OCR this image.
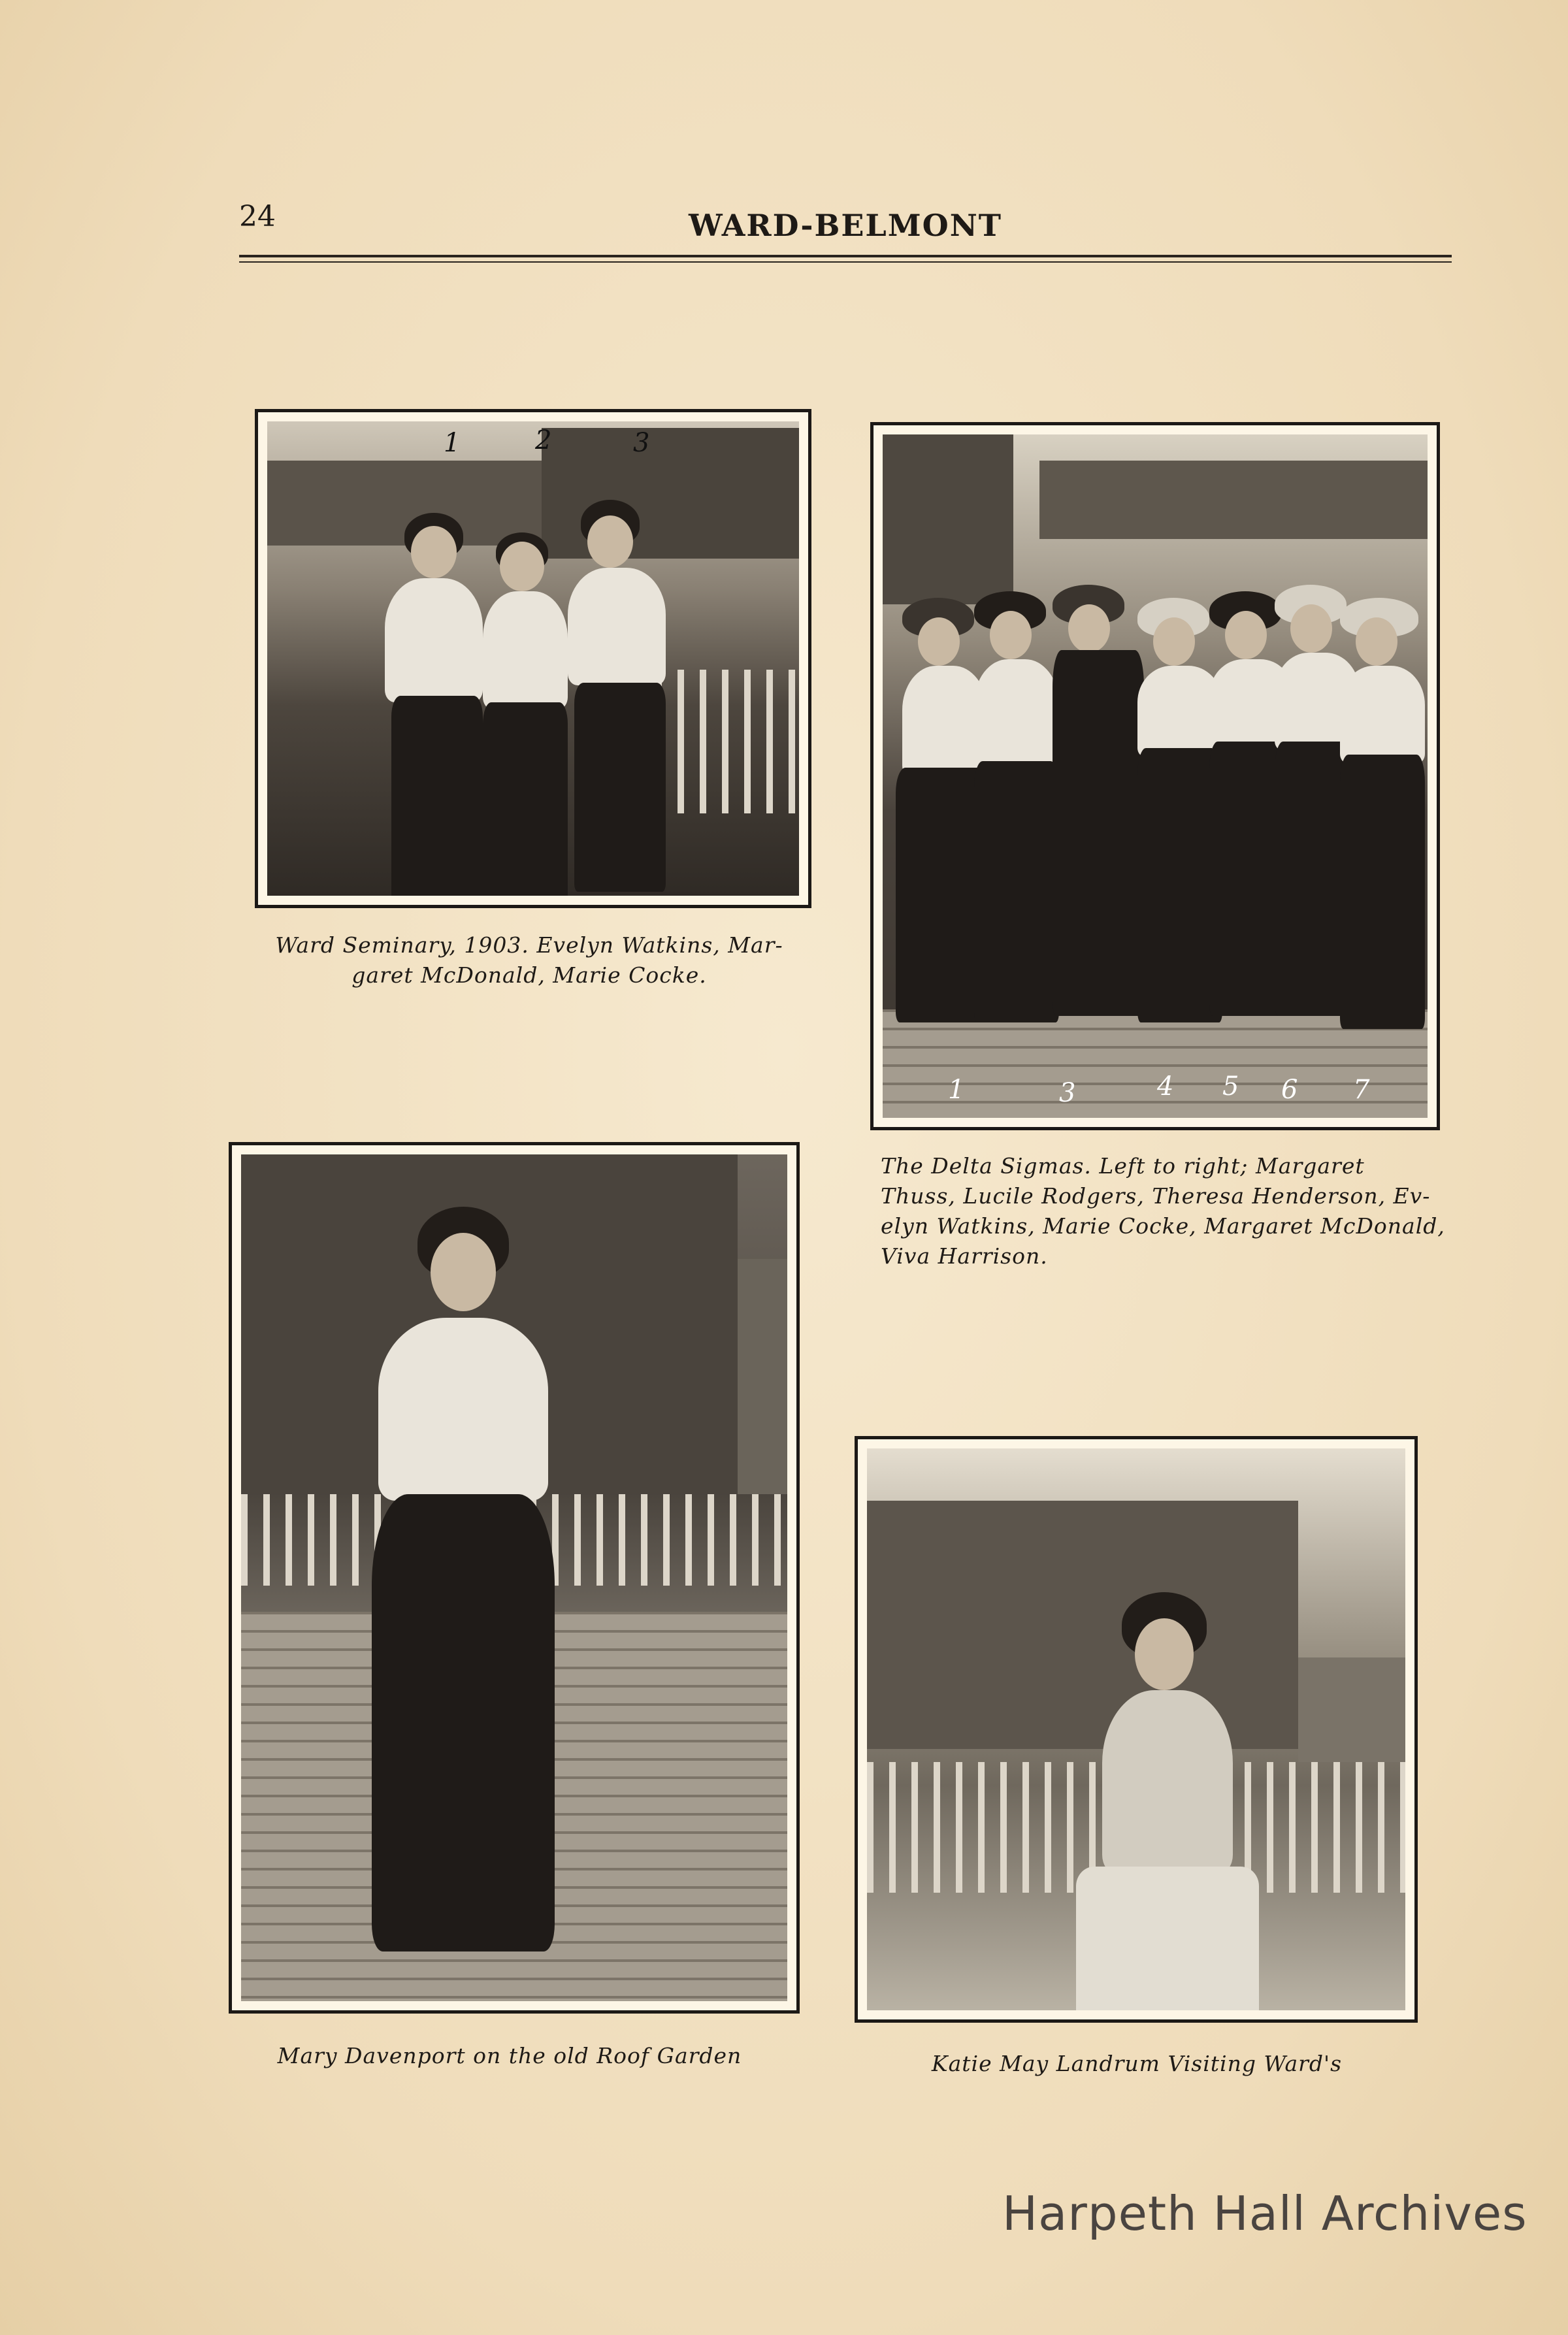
24	WARD-BELMONT
1	2	3
Ward Seminary, 1903. Evelyn Watkins, Mar-
garet McDonald, Marie Cocke.
1	3	4 5 6 7
The Delta Sigmas. Left to right; Margaret
Thuss, Lucile Rodgers, Theresa Henderson, Ev-
elyn Watkins, Marie Cocke, Margaret McDonald,
Viva Harrison.
Mary Davenport on the old Roof Garden	Katie May Landrum Visiting Ward's
Harpeth Hall Archives
